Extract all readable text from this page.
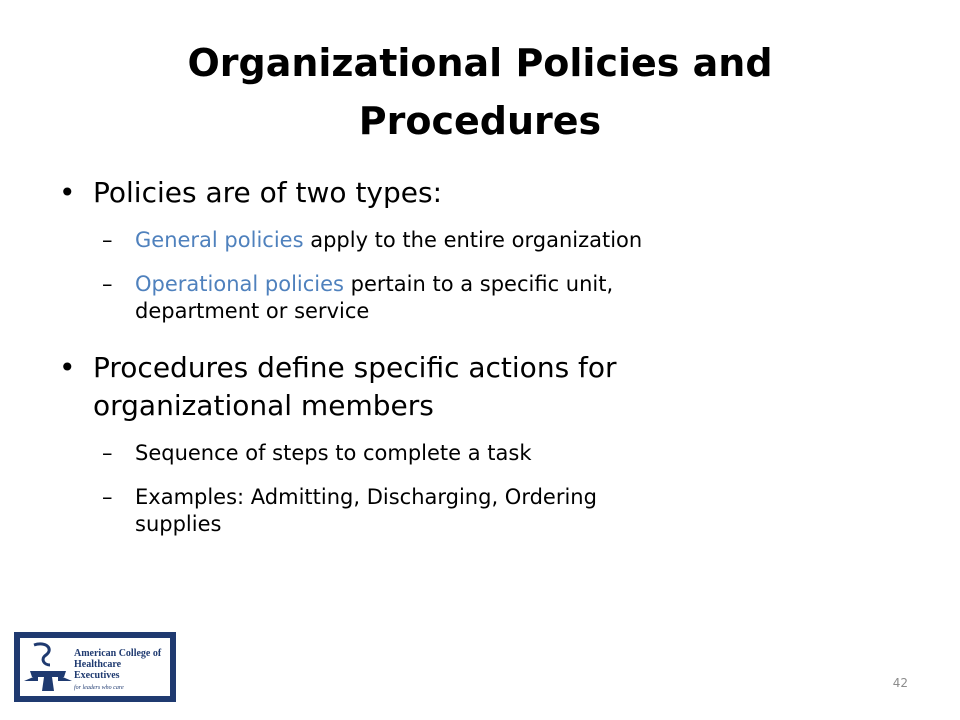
Organizational Policies and
Procedures
• Policies are of two types:
– General policies apply to the entire organization
– Operational policies pertain to a specific unit,
department or service
• Procedures define specific actions for
organizational members
– Sequence of steps to complete a task
– Examples: Admitting, Discharging, Ordering
supplies
American College of
Healthcare Executives
for leaders who care	42
